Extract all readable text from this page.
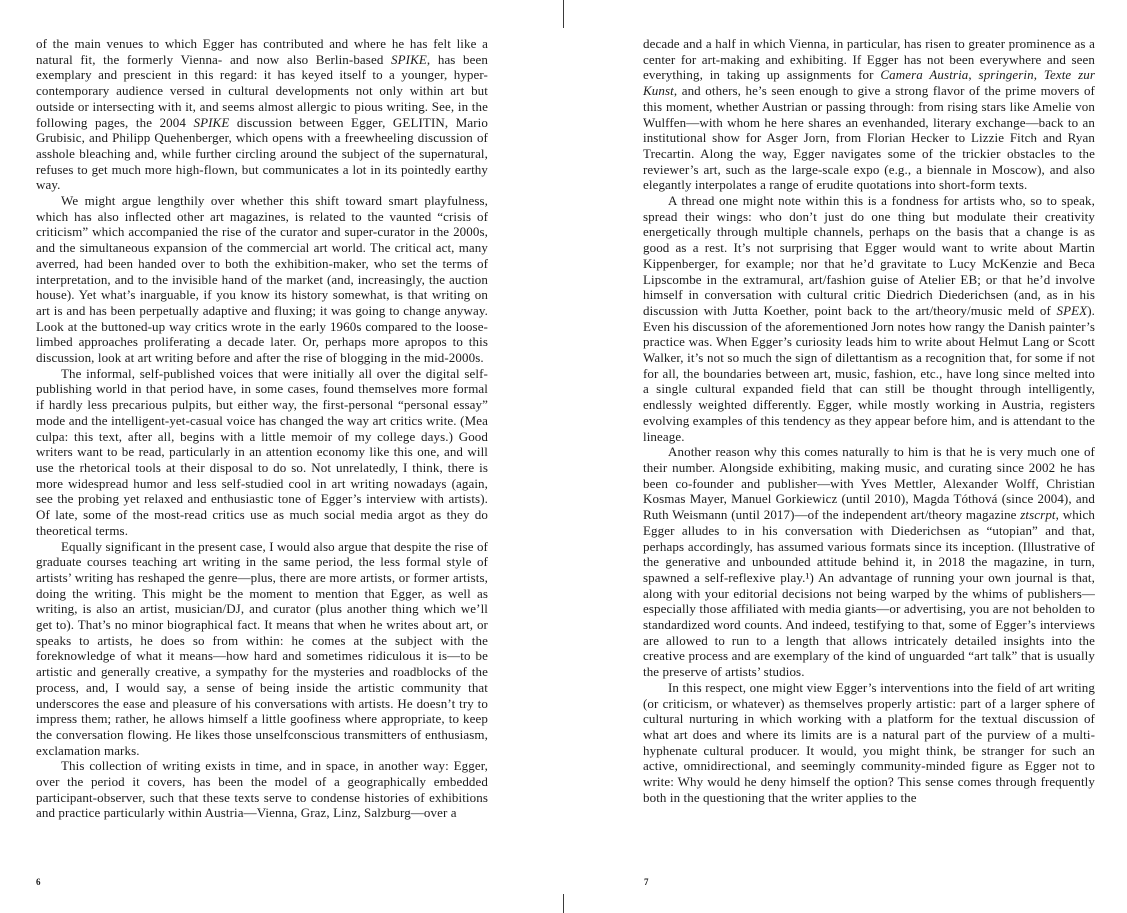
of the main venues to which Egger has contributed and where he has felt like a natural fit, the formerly Vienna- and now also Berlin-based SPIKE, has been exemplary and prescient in this regard: it has keyed itself to a younger, hyper-contemporary audience versed in cultural developments not only within art but outside or intersecting with it, and seems almost allergic to pious writing. See, in the following pages, the 2004 SPIKE discussion between Egger, GELITIN, Mario Grubisic, and Philipp Quehenberger, which opens with a freewheeling discussion of asshole bleaching and, while further circling around the subject of the supernatural, refuses to get much more high-flown, but communicates a lot in its pointedly earthy way.

We might argue lengthily over whether this shift toward smart playfulness, which has also inflected other art magazines, is related to the vaunted “crisis of criticism” which accompanied the rise of the curator and super-curator in the 2000s, and the simultaneous expansion of the commercial art world. The critical act, many averred, had been handed over to both the exhibition-maker, who set the terms of interpretation, and to the invisible hand of the market (and, increasingly, the auction house). Yet what’s inarguable, if you know its history somewhat, is that writing on art is and has been perpetually adaptive and fluxing; it was going to change anyway. Look at the buttoned-up way critics wrote in the early 1960s compared to the loose-limbed approaches proliferating a decade later. Or, perhaps more apropos to this discussion, look at art writing before and after the rise of blogging in the mid-2000s.

The informal, self-published voices that were initially all over the digital self-publishing world in that period have, in some cases, found themselves more formal if hardly less precarious pulpits, but either way, the first-personal “personal essay” mode and the intelligent-yet-casual voice has changed the way art critics write. (Mea culpa: this text, after all, begins with a little memoir of my college days.) Good writers want to be read, particularly in an attention economy like this one, and will use the rhetorical tools at their disposal to do so. Not unrelatedly, I think, there is more widespread humor and less self-studied cool in art writing nowadays (again, see the probing yet relaxed and enthusiastic tone of Egger’s interview with artists). Of late, some of the most-read critics use as much social media argot as they do theoretical terms.

Equally significant in the present case, I would also argue that despite the rise of graduate courses teaching art writing in the same period, the less formal style of artists’ writing has reshaped the genre—plus, there are more artists, or former artists, doing the writing. This might be the moment to mention that Egger, as well as writing, is also an artist, musician/DJ, and curator (plus another thing which we’ll get to). That’s no minor biographical fact. It means that when he writes about art, or speaks to artists, he does so from within: he comes at the subject with the foreknowledge of what it means—how hard and sometimes ridiculous it is—to be artistic and generally creative, a sympathy for the mysteries and roadblocks of the process, and, I would say, a sense of being inside the artistic community that underscores the ease and pleasure of his conversations with artists. He doesn’t try to impress them; rather, he allows himself a little goofiness where appropriate, to keep the conversation flowing. He likes those unselfconscious transmitters of enthusiasm, exclamation marks.

This collection of writing exists in time, and in space, in another way: Egger, over the period it covers, has been the model of a geographically embedded participant-observer, such that these texts serve to condense histories of exhibitions and practice particularly within Austria—Vienna, Graz, Linz, Salzburg—over a

6

decade and a half in which Vienna, in particular, has risen to greater prominence as a center for art-making and exhibiting. If Egger has not been everywhere and seen everything, in taking up assignments for Camera Austria, springerin, Texte zur Kunst, and others, he’s seen enough to give a strong flavor of the prime movers of this moment, whether Austrian or passing through: from rising stars like Amelie von Wulffen—with whom he here shares an evenhanded, literary exchange—back to an institutional show for Asger Jorn, from Florian Hecker to Lizzie Fitch and Ryan Trecartin. Along the way, Egger navigates some of the trickier obstacles to the reviewer’s art, such as the large-scale expo (e.g., a biennale in Moscow), and also elegantly interpolates a range of erudite quotations into short-form texts.

A thread one might note within this is a fondness for artists who, so to speak, spread their wings: who don’t just do one thing but modulate their creativity energetically through multiple channels, perhaps on the basis that a change is as good as a rest. It’s not surprising that Egger would want to write about Martin Kippenberger, for example; nor that he’d gravitate to Lucy McKenzie and Beca Lipscombe in the extramural, art/fashion guise of Atelier EB; or that he’d involve himself in conversation with cultural critic Diedrich Diederichsen (and, as in his discussion with Jutta Koether, point back to the art/theory/music meld of SPEX). Even his discussion of the aforementioned Jorn notes how rangy the Danish painter’s practice was. When Egger’s curiosity leads him to write about Helmut Lang or Scott Walker, it’s not so much the sign of dilettantism as a recognition that, for some if not for all, the boundaries between art, music, fashion, etc., have long since melted into a single cultural expanded field that can still be thought through intelligently, endlessly weighted differently. Egger, while mostly working in Austria, registers evolving examples of this tendency as they appear before him, and is attendant to the lineage.

Another reason why this comes naturally to him is that he is very much one of their number. Alongside exhibiting, making music, and curating since 2002 he has been co-founder and publisher—with Yves Mettler, Alexander Wolff, Christian Kosmas Mayer, Manuel Gorkiewicz (until 2010), Magda Tóthová (since 2004), and Ruth Weismann (until 2017)—of the independent art/theory magazine ztscrpt, which Egger alludes to in his conversation with Diederichsen as “utopian” and that, perhaps accordingly, has assumed various formats since its inception. (Illustrative of the generative and unbounded attitude behind it, in 2018 the magazine, in turn, spawned a self-reflexive play.¹) An advantage of running your own journal is that, along with your editorial decisions not being warped by the whims of publishers—especially those affiliated with media giants—or advertising, you are not beholden to standardized word counts. And indeed, testifying to that, some of Egger’s interviews are allowed to run to a length that allows intricately detailed insights into the creative process and are exemplary of the kind of unguarded “art talk” that is usually the preserve of artists’ studios.

In this respect, one might view Egger’s interventions into the field of art writing (or criticism, or whatever) as themselves properly artistic: part of a larger sphere of cultural nurturing in which working with a platform for the textual discussion of what art does and where its limits are is a natural part of the purview of a multi-hyphenate cultural producer. It would, you might think, be stranger for such an active, omnidirectional, and seemingly community-minded figure as Egger not to write: Why would he deny himself the option? This sense comes through frequently both in the questioning that the writer applies to the

7
